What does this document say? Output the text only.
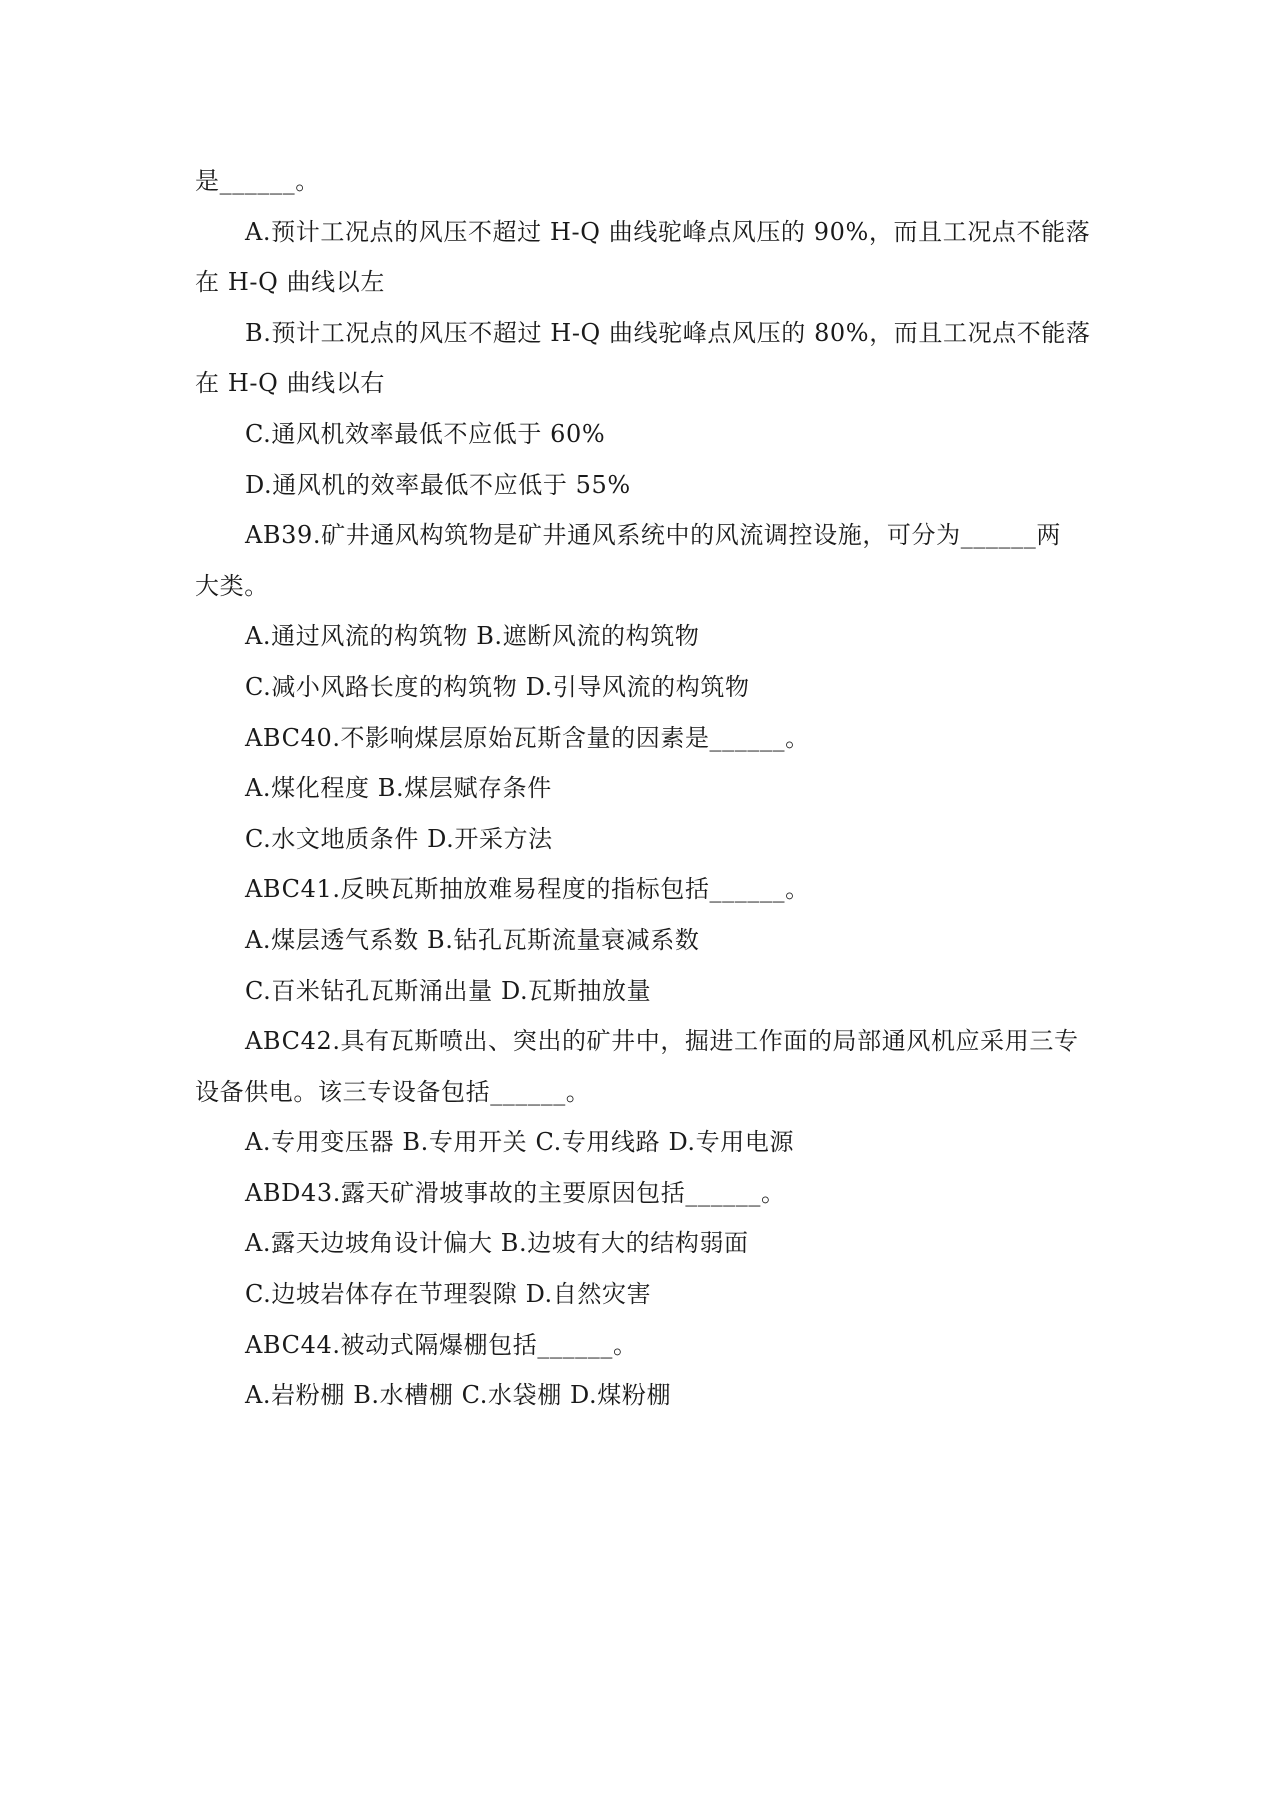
是______。
A.预计工况点的风压不超过 H-Q 曲线驼峰点风压的 90%，而且工况点不能落
在 H-Q 曲线以左
B.预计工况点的风压不超过 H-Q 曲线驼峰点风压的 80%，而且工况点不能落
在 H-Q 曲线以右
C.通风机效率最低不应低于 60%
D.通风机的效率最低不应低于 55%
AB39.矿井通风构筑物是矿井通风系统中的风流调控设施，可分为______两
大类。
A.通过风流的构筑物 B.遮断风流的构筑物
C.减小风路长度的构筑物 D.引导风流的构筑物
ABC40.不影响煤层原始瓦斯含量的因素是______。
A.煤化程度 B.煤层赋存条件
C.水文地质条件 D.开采方法
ABC41.反映瓦斯抽放难易程度的指标包括______。
A.煤层透气系数 B.钻孔瓦斯流量衰减系数
C.百米钻孔瓦斯涌出量 D.瓦斯抽放量
ABC42.具有瓦斯喷出、突出的矿井中，掘进工作面的局部通风机应采用三专
设备供电。该三专设备包括______。
A.专用变压器 B.专用开关 C.专用线路 D.专用电源
ABD43.露天矿滑坡事故的主要原因包括______。
A.露天边坡角设计偏大 B.边坡有大的结构弱面
C.边坡岩体存在节理裂隙 D.自然灾害
ABC44.被动式隔爆棚包括______。
A.岩粉棚 B.水槽棚 C.水袋棚 D.煤粉棚
